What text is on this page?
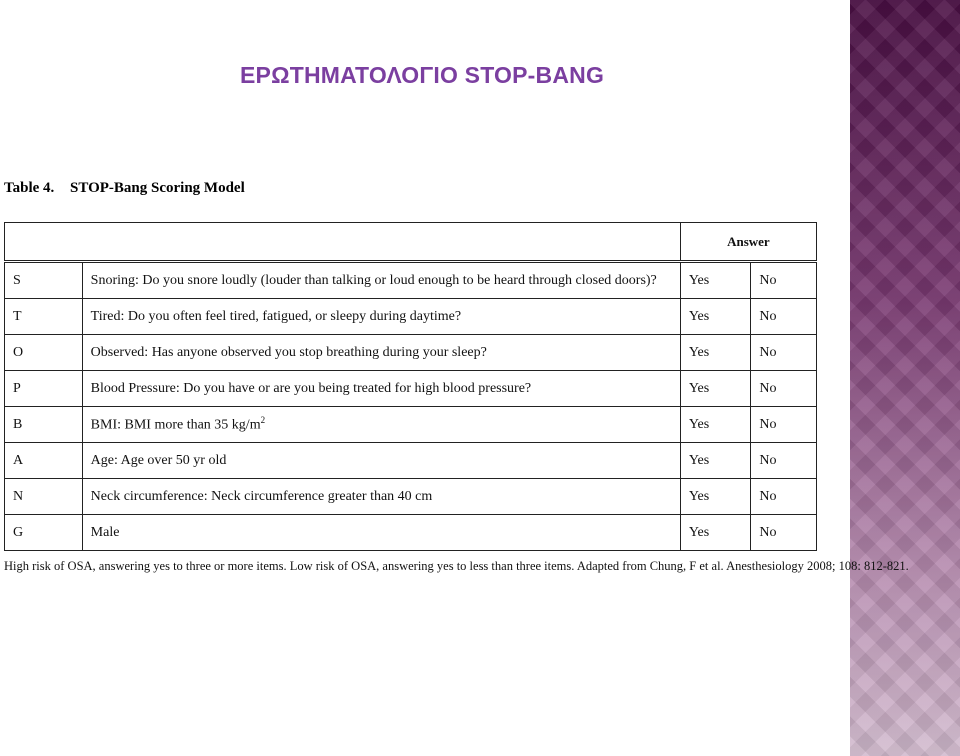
ΕΡΩΤΗΜΑΤΟΛΟΓΙΟ STOP-BANG
Table 4. STOP-Bang Scoring Model
		Answer	
S	Snoring: Do you snore loudly (louder than talking or loud enough to be heard through closed doors)?	Yes	No
T	Tired: Do you often feel tired, fatigued, or sleepy during daytime?	Yes	No
O	Observed: Has anyone observed you stop breathing during your sleep?	Yes	No
P	Blood Pressure: Do you have or are you being treated for high blood pressure?	Yes	No
B	BMI: BMI more than 35 $kg/m^2$	Yes	No
A	Age: Age over 50 yr old	Yes	No
N	Neck circumference: Neck circumference greater than 40 cm	Yes	No
G	Male	Yes	No
High risk of OSA, answering yes to three or more items. Low risk of OSA, answering yes to less than three items. Adapted from Chung, F et al. Anesthesiology 2008; 108: 812-821.
